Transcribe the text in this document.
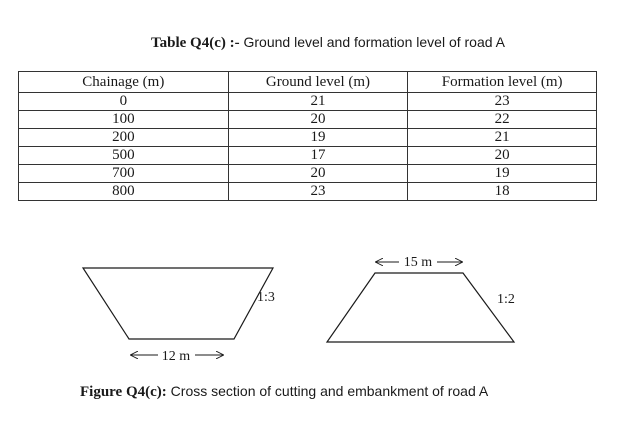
Table Q4(c) :- Ground level and formation level of road A
Chainage (m)	Ground level (m)	Formation level (m)
0	21	23
100	20	22
200	19	21
500	17	20
700	20	19
800	23	18
1:3
12 m
1:2
15 m
Figure Q4(c): Cross section of cutting and embankment of road A
